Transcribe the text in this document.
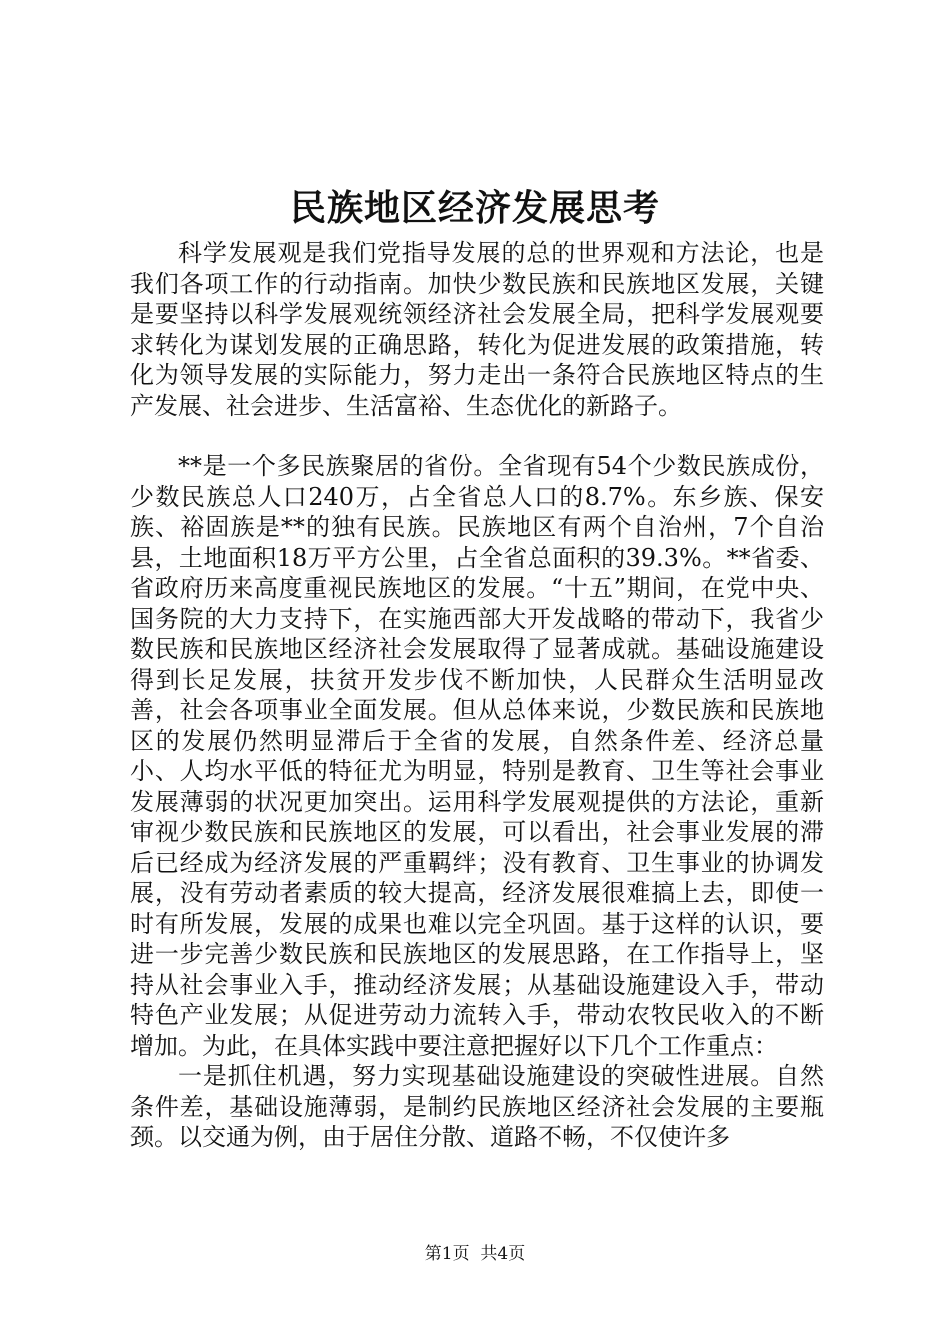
民族地区经济发展思考

科学发展观是我们党指导发展的总的世界观和方法论，也是我们各项工作的行动指南。加快少数民族和民族地区发展，关键是要坚持以科学发展观统领经济社会发展全局，把科学发展观要求转化为谋划发展的正确思路，转化为促进发展的政策措施，转化为领导发展的实际能力，努力走出一条符合民族地区特点的生产发展、社会进步、生活富裕、生态优化的新路子。

**是一个多民族聚居的省份。全省现有54个少数民族成份，少数民族总人口240万，占全省总人口的8.7%。东乡族、保安族、裕固族是**的独有民族。民族地区有两个自治州，7个自治县，土地面积18万平方公里，占全省总面积的39.3%。**省委、省政府历来高度重视民族地区的发展。“十五”期间，在党中央、国务院的大力支持下，在实施西部大开发战略的带动下，我省少数民族和民族地区经济社会发展取得了显著成就。基础设施建设得到长足发展，扶贫开发步伐不断加快，人民群众生活明显改善，社会各项事业全面发展。但从总体来说，少数民族和民族地区的发展仍然明显滞后于全省的发展，自然条件差、经济总量小、人均水平低的特征尤为明显，特别是教育、卫生等社会事业发展薄弱的状况更加突出。运用科学发展观提供的方法论，重新审视少数民族和民族地区的发展，可以看出，社会事业发展的滞后已经成为经济发展的严重羁绊；没有教育、卫生事业的协调发展，没有劳动者素质的较大提高，经济发展很难搞上去，即使一时有所发展，发展的成果也难以完全巩固。基于这样的认识，要进一步完善少数民族和民族地区的发展思路，在工作指导上，坚持从社会事业入手，推动经济发展；从基础设施建设入手，带动特色产业发展；从促进劳动力流转入手，带动农牧民收入的不断增加。为此，在具体实践中要注意把握好以下几个工作重点：

一是抓住机遇，努力实现基础设施建设的突破性进展。自然条件差，基础设施薄弱，是制约民族地区经济社会发展的主要瓶颈。以交通为例，由于居住分散、道路不畅，不仅使许多

第1页 共4页
